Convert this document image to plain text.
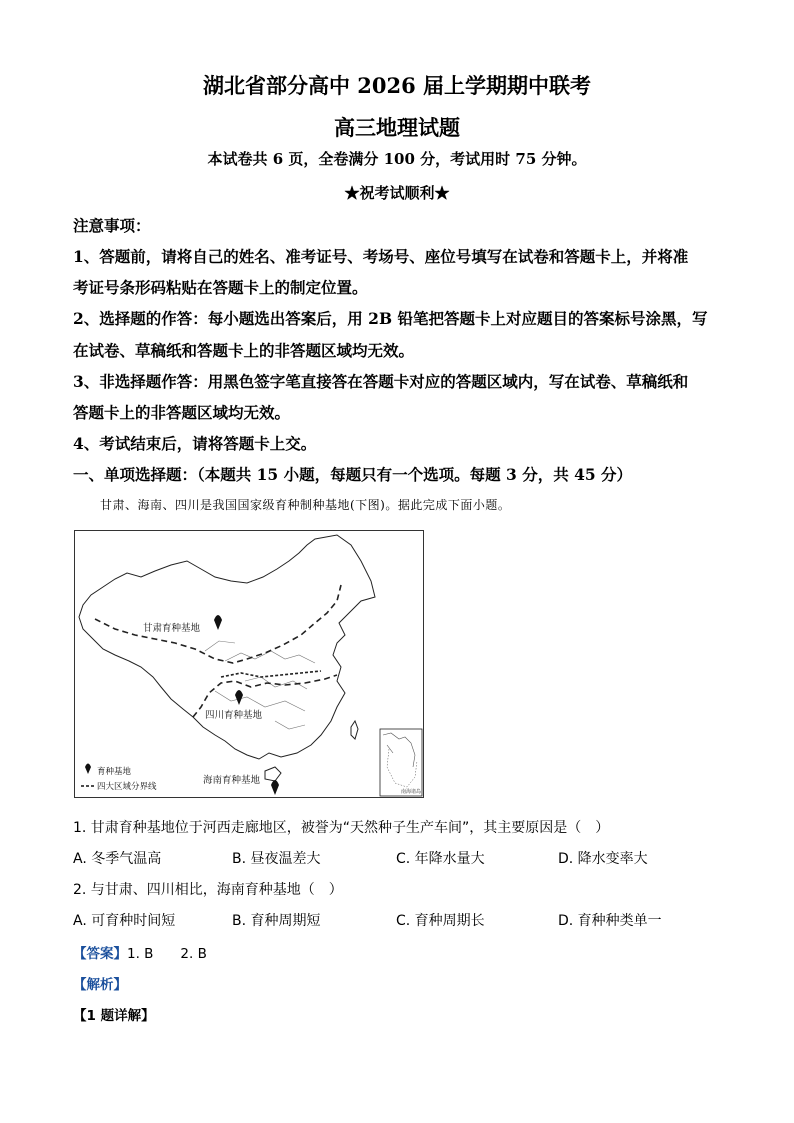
湖北省部分高中 2026 届上学期期中联考
高三地理试题
本试卷共 6 页，全卷满分 100 分，考试用时 75 分钟。
★祝考试顺利★
注意事项：
1、答题前，请将自己的姓名、准考证号、考场号、座位号填写在试卷和答题卡上，并将准
考证号条形码粘贴在答题卡上的制定位置。
2、选择题的作答：每小题选出答案后，用 2B 铅笔把答题卡上对应题目的答案标号涂黑，写
在试卷、草稿纸和答题卡上的非答题区域均无效。
3、非选择题作答：用黑色签字笔直接答在答题卡对应的答题区域内，写在试卷、草稿纸和
答题卡上的非答题区域均无效。
4、考试结束后，请将答题卡上交。
一、单项选择题：（本题共 15 小题，每题只有一个选项。每题 3 分，共 45 分）
甘肃、海南、四川是我国国家级育种制种基地(下图)。据此完成下面小题。
甘肃育种基地
四川育种基地
海南育种基地
育种基地
四大区域分界线	南海诸岛
1. 甘肃育种基地位于河西走廊地区，被誉为“天然种子生产车间”，其主要原因是（　）
A. 冬季气温高	B. 昼夜温差大	C. 年降水量大	D. 降水变率大
2. 与甘肃、四川相比，海南育种基地（　）
A. 可育种时间短	B. 育种周期短	C. 育种周期长	D. 育种种类单一
【答案】1. B　　2. B
【解析】
【1 题详解】
